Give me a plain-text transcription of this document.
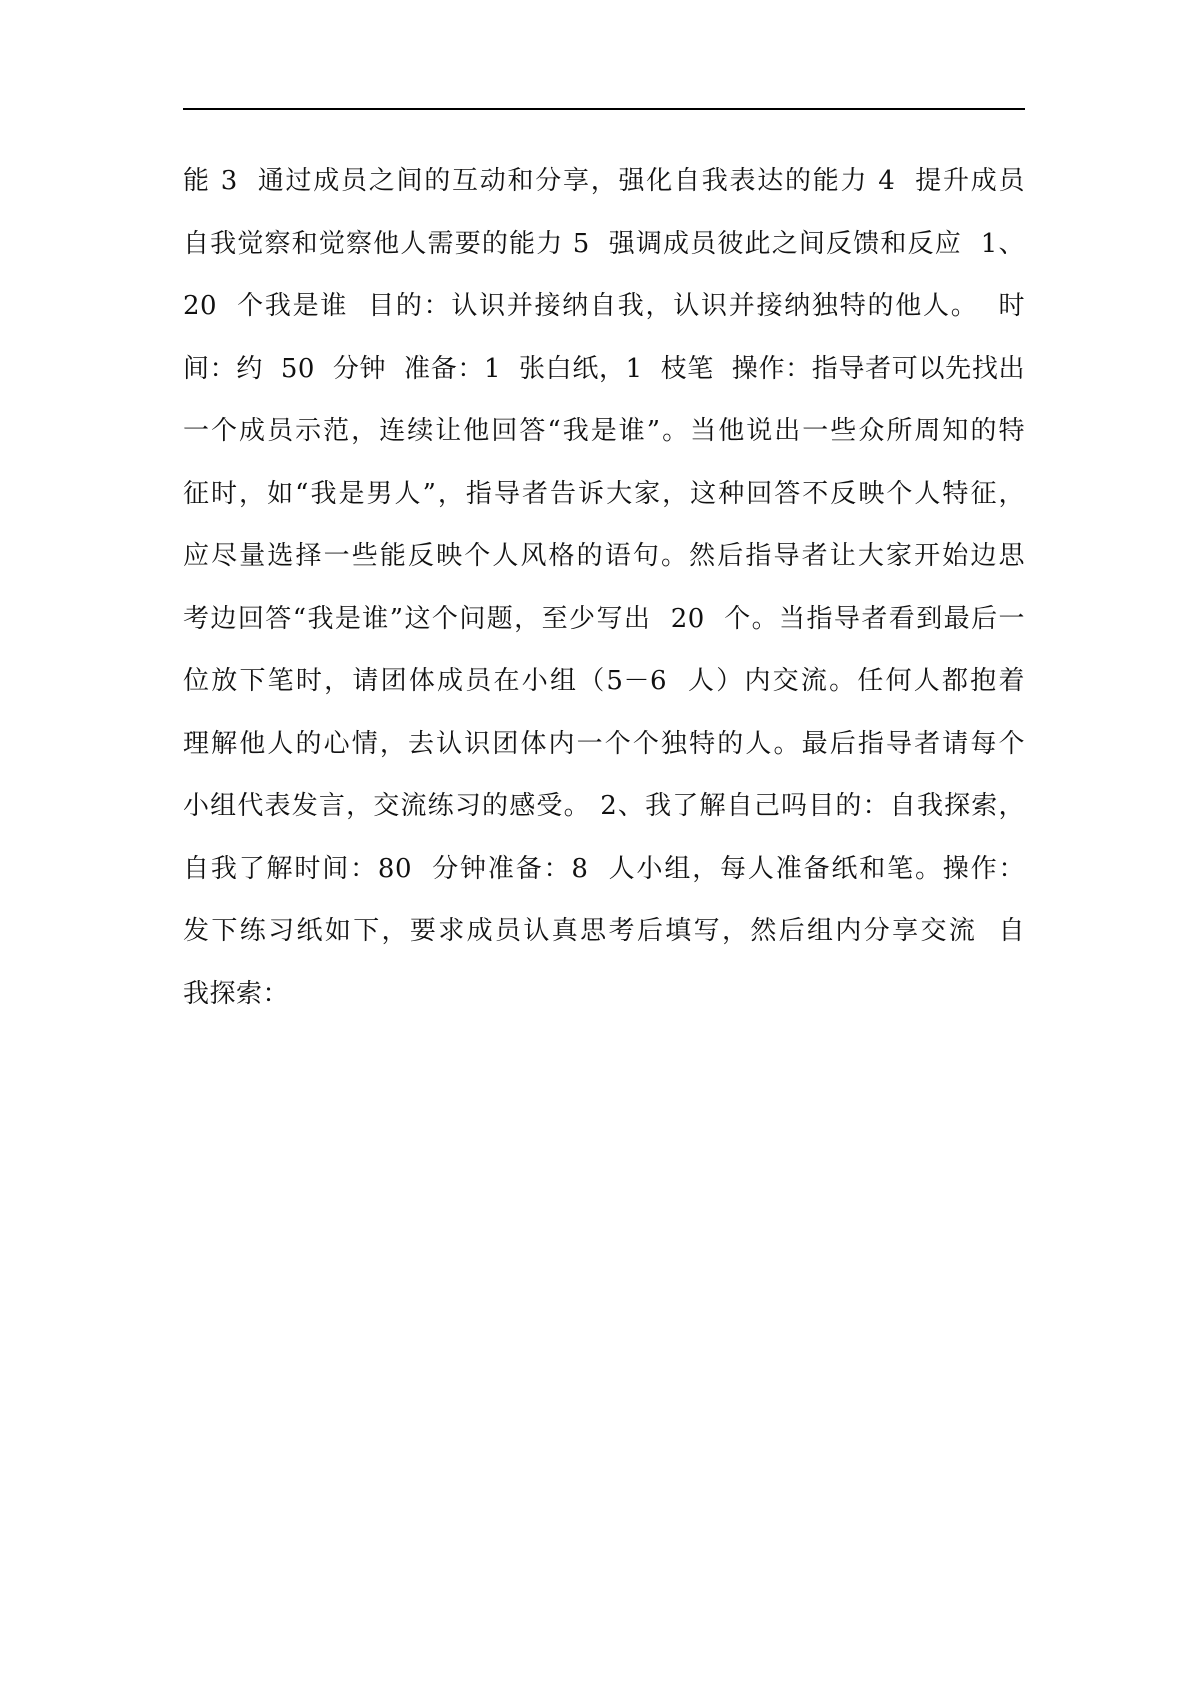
能 3  通过成员之间的互动和分享，强化自我表达的能力 4  提升成员
自我觉察和觉察他人需要的能力 5  强调成员彼此之间反馈和反应  1、
20  个我是谁  目的：认识并接纳自我，认识并接纳独特的他人。  时
间：约  50  分钟  准备：1  张白纸，1  枝笔  操作：指导者可以先找出
一个成员示范，连续让他回答“我是谁”。当他说出一些众所周知的特
征时，如“我是男人”，指导者告诉大家，这种回答不反映个人特征，
应尽量选择一些能反映个人风格的语句。然后指导者让大家开始边思
考边回答“我是谁”这个问题，至少写出  20  个。当指导者看到最后一
位放下笔时，请团体成员在小组（5－6  人）内交流。任何人都抱着
理解他人的心情，去认识团体内一个个独特的人。最后指导者请每个
小组代表发言，交流练习的感受。 2、我了解自己吗目的：自我探索，
自我了解时间：80  分钟准备：8  人小组，每人准备纸和笔。操作：
发下练习纸如下，要求成员认真思考后填写，然后组内分享交流  自
我探索：
